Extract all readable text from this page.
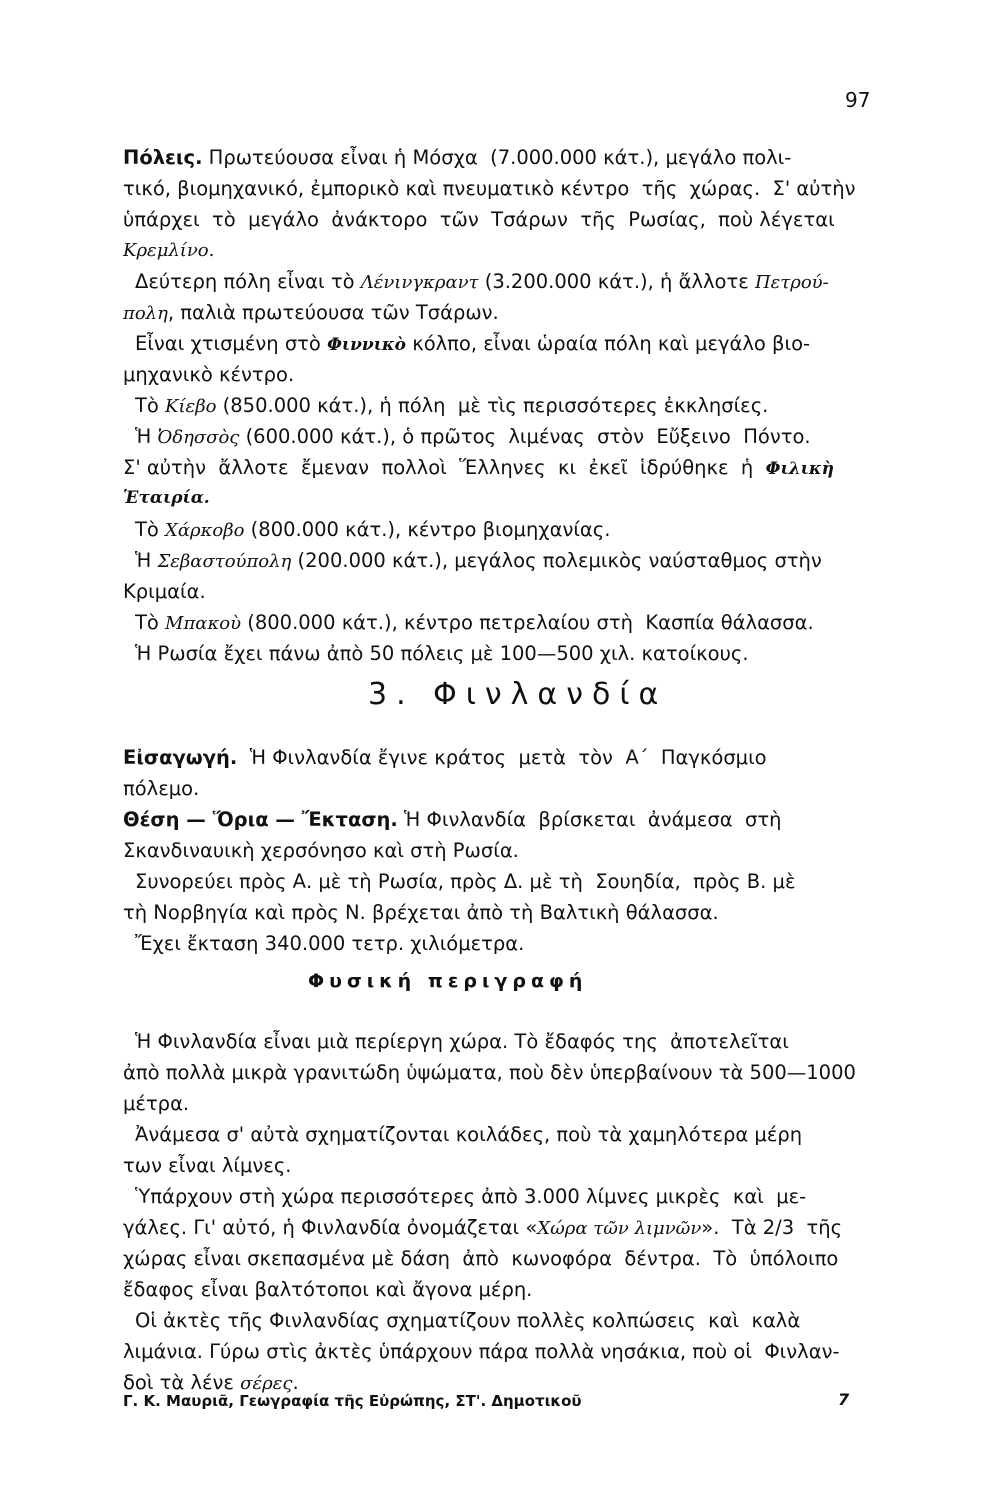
97
Πόλεις. Πρωτεύουσα εἶναι ἡ Μόσχα  (7.000.000 κάτ.), μεγάλο πολι-
τικό, βιομηχανικό, ἐμπορικὸ καὶ πνευματικὸ κέντρο  τῆς  χώρας.  Σ' αὐτὴν
ὑπάρχει  τὸ  μεγάλο  ἀνάκτορο  τῶν  Τσάρων  τῆς  Ρωσίας,  ποὺ λέγεται
Κρεμλίνο.
Δεύτερη πόλη εἶναι τὸ Λένινγκραντ (3.200.000 κάτ.), ἡ ἄλλοτε Πετρού-
πολη, παλιὰ πρωτεύουσα τῶν Τσάρων.
Εἶναι χτισμένη στὸ Φιννικὸ κόλπο, εἶναι ὡραία πόλη καὶ μεγάλο βιο-
μηχανικὸ κέντρο.
Τὸ Κίεβο (850.000 κάτ.), ἡ πόλη  μὲ τὶς περισσότερες ἐκκλησίες.
Ἡ Ὀδησσὸς (600.000 κάτ.), ὁ πρῶτος  λιμένας  στὸν  Εὔξεινο  Πόντο.
Σ' αὐτὴν  ἄλλοτε  ἔμεναν  πολλοὶ  Ἕλληνες  κι  ἐκεῖ  ἱδρύθηκε  ἡ  Φιλικὴ
Ἑταιρία.
Τὸ Χάρκοβο (800.000 κάτ.), κέντρο βιομηχανίας.
Ἡ Σεβαστούπολη (200.000 κάτ.), μεγάλος πολεμικὸς ναύσταθμος στὴν
Κριμαία.
Τὸ Μπακοὺ (800.000 κάτ.), κέντρο πετρελαίου στὴ  Κασπία θάλασσα.
Ἡ Ρωσία ἔχει πάνω ἀπὸ 50 πόλεις μὲ 100—500 χιλ. κατοίκους.
Εἰσαγωγή.  Ἡ Φινλανδία ἔγινε κράτος  μετὰ  τὸν  Α΄  Παγκόσμιο
πόλεμο.
Θέση — Ὅρια — Ἔκταση. Ἡ Φινλανδία  βρίσκεται  ἀνάμεσα  στὴ
Σκανδιναυικὴ χερσόνησο καὶ στὴ Ρωσία.
Συνορεύει πρὸς Α. μὲ τὴ Ρωσία, πρὸς Δ. μὲ τὴ  Σουηδία,  πρὸς Β. μὲ
τὴ Νορβηγία καὶ πρὸς Ν. βρέχεται ἀπὸ τὴ Βαλτικὴ θάλασσα.
Ἔχει ἔκταση 340.000 τετρ. χιλιόμετρα.
Ἡ Φινλανδία εἶναι μιὰ περίεργη χώρα. Τὸ ἔδαφός της  ἀποτελεῖται
ἀπὸ πολλὰ μικρὰ γρανιτώδη ὑψώματα, ποὺ δὲν ὑπερβαίνουν τὰ 500—1000
μέτρα.
Ἀνάμεσα σ' αὐτὰ σχηματίζονται κοιλάδες, ποὺ τὰ χαμηλότερα μέρη
των εἶναι λίμνες.
Ὑπάρχουν στὴ χώρα περισσότερες ἀπὸ 3.000 λίμνες μικρὲς  καὶ  με-
γάλες. Γι' αὐτό, ἡ Φινλανδία ὀνομάζεται «Χώρα τῶν λιμνῶν».  Τὰ 2/3  τῆς
χώρας εἶναι σκεπασμένα μὲ δάση  ἀπὸ  κωνοφόρα  δέντρα.  Τὸ  ὑπόλοιπο
ἔδαφος εἶναι βαλτότοποι καὶ ἄγονα μέρη.
Οἱ ἀκτὲς τῆς Φινλανδίας σχηματίζουν πολλὲς κολπώσεις  καὶ  καλὰ
λιμάνια. Γύρω στὶς ἀκτὲς ὑπάρχουν πάρα πολλὰ νησάκια, ποὺ οἱ  Φινλαν-
δοὶ τὰ λένε σέρες.
3. Φινλανδία
Φυσική περιγραφή
Γ. Κ. Μαυριᾶ, Γεωγραφία τῆς Εὐρώπης, ΣΤ'. Δημοτικοῦ	7
